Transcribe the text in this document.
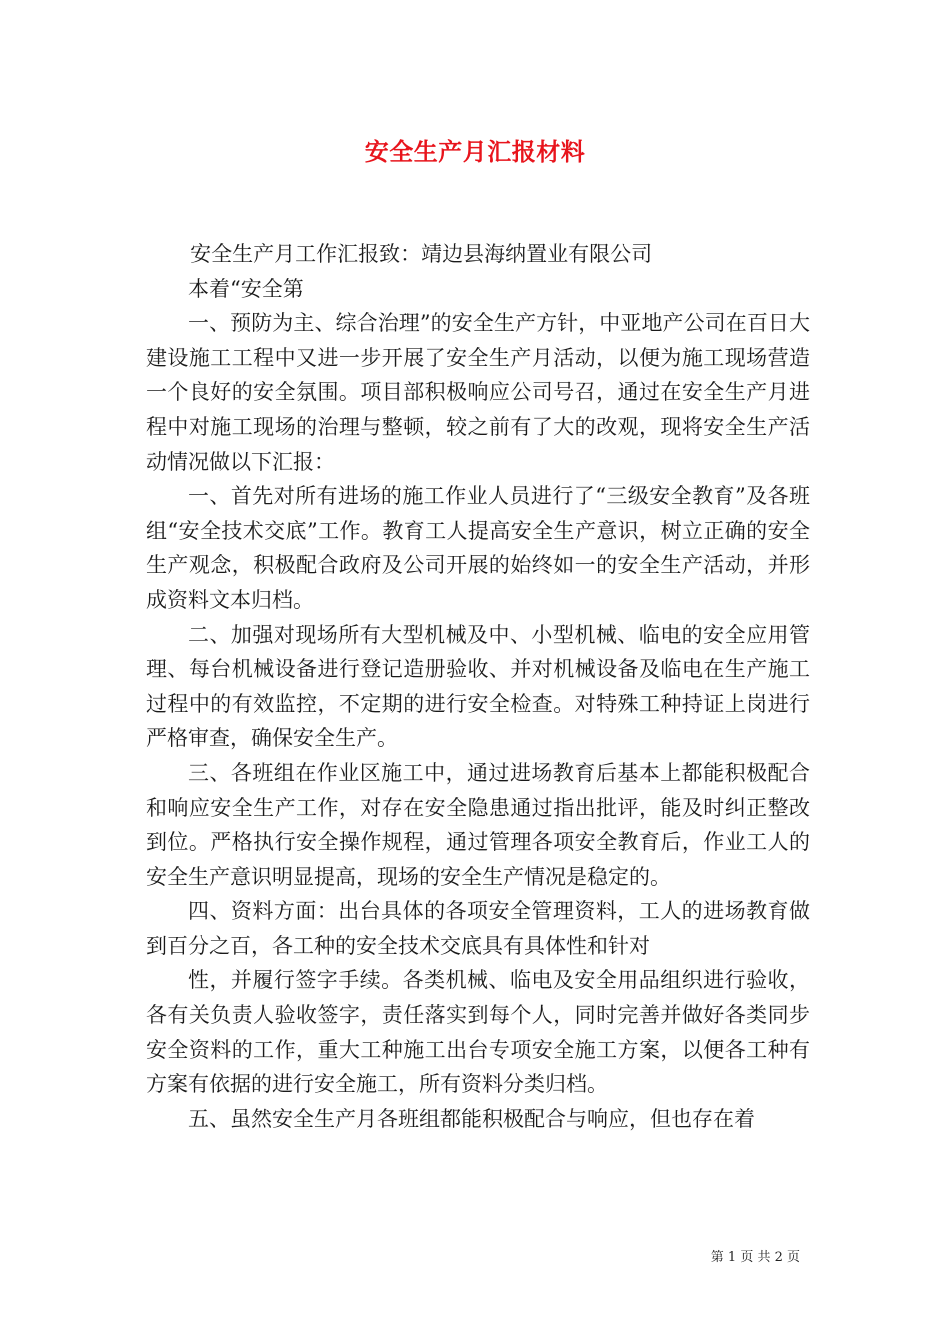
安全生产月汇报材料

安全生产月工作汇报致：靖边县海纳置业有限公司

本着“安全第

一、预防为主、综合治理”的安全生产方针，中亚地产公司在百日大建设施工工程中又进一步开展了安全生产月活动，以便为施工现场营造一个良好的安全氛围。项目部积极响应公司号召，通过在安全生产月进程中对施工现场的治理与整顿，较之前有了大的改观，现将安全生产活动情况做以下汇报：

一、首先对所有进场的施工作业人员进行了“三级安全教育”及各班组“安全技术交底”工作。教育工人提高安全生产意识，树立正确的安全生产观念，积极配合政府及公司开展的始终如一的安全生产活动，并形成资料文本归档。

二、加强对现场所有大型机械及中、小型机械、临电的安全应用管理、每台机械设备进行登记造册验收、并对机械设备及临电在生产施工过程中的有效监控，不定期的进行安全检查。对特殊工种持证上岗进行严格审查，确保安全生产。

三、各班组在作业区施工中，通过进场教育后基本上都能积极配合和响应安全生产工作，对存在安全隐患通过指出批评，能及时纠正整改到位。严格执行安全操作规程，通过管理各项安全教育后，作业工人的安全生产意识明显提高，现场的安全生产情况是稳定的。

四、资料方面：出台具体的各项安全管理资料，工人的进场教育做到百分之百，各工种的安全技术交底具有具体性和针对

性，并履行签字手续。各类机械、临电及安全用品组织进行验收，各有关负责人验收签字，责任落实到每个人，同时完善并做好各类同步安全资料的工作，重大工种施工出台专项安全施工方案，以便各工种有方案有依据的进行安全施工，所有资料分类归档。

五、虽然安全生产月各班组都能积极配合与响应，但也存在着

第 1 页 共 2 页
